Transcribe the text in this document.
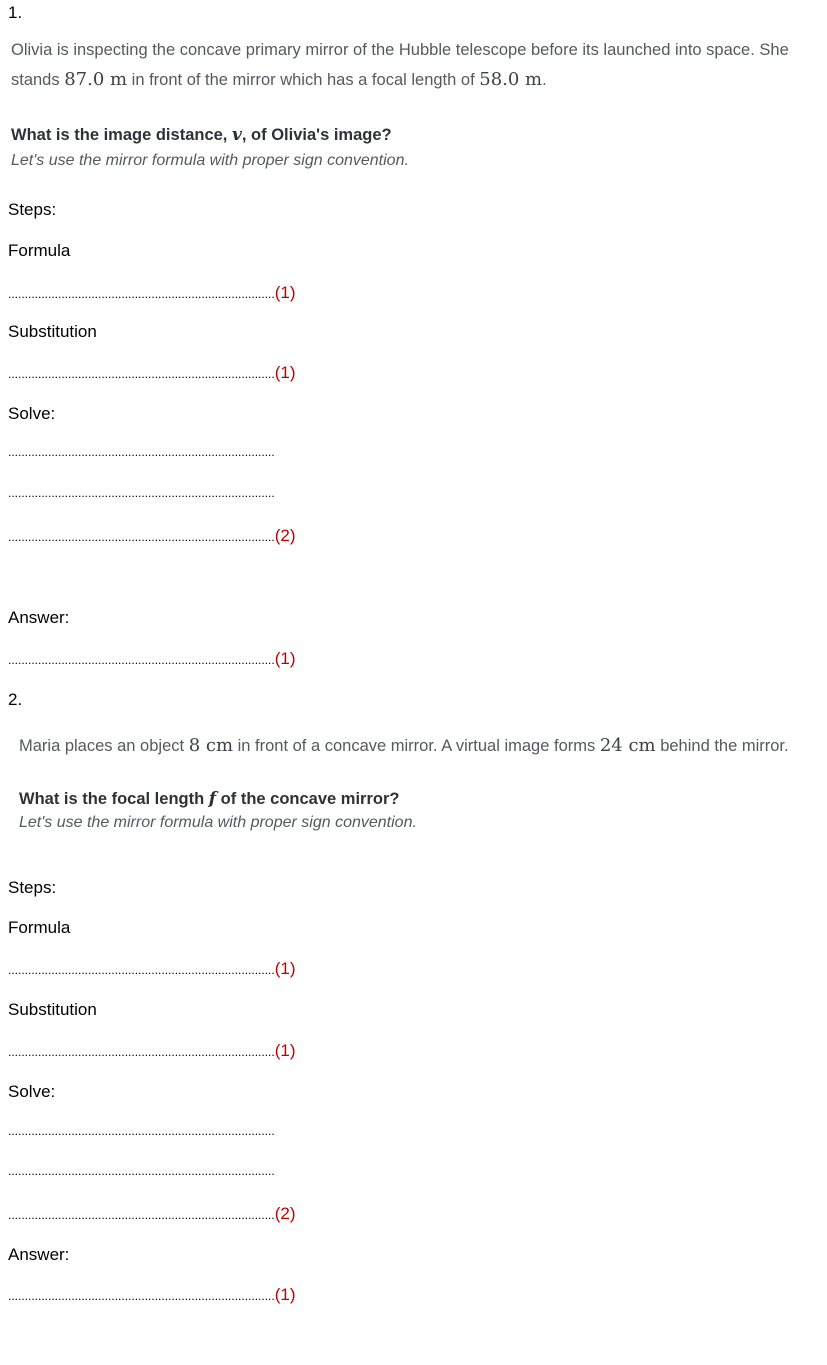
1.
Olivia is inspecting the concave primary mirror of the Hubble telescope before its launched into space. She
stands 87.0 m in front of the mirror which has a focal length of 58.0 m.
What is the image distance, v, of Olivia's image?
Let's use the mirror formula with proper sign convention.
Steps:
Formula
................................................................................ (1)
Substitution
................................................................................ (1)
Solve:
................................................................................
................................................................................
................................................................................ (2)
Answer:
................................................................................ (1)
2.
Maria places an object 8 cm in front of a concave mirror. A virtual image forms 24 cm behind the mirror.
What is the focal length f of the concave mirror?
Let's use the mirror formula with proper sign convention.
Steps:
Formula
................................................................................ (1)
Substitution
................................................................................ (1)
Solve:
................................................................................
................................................................................
................................................................................ (2)
Answer:
................................................................................ (1)
